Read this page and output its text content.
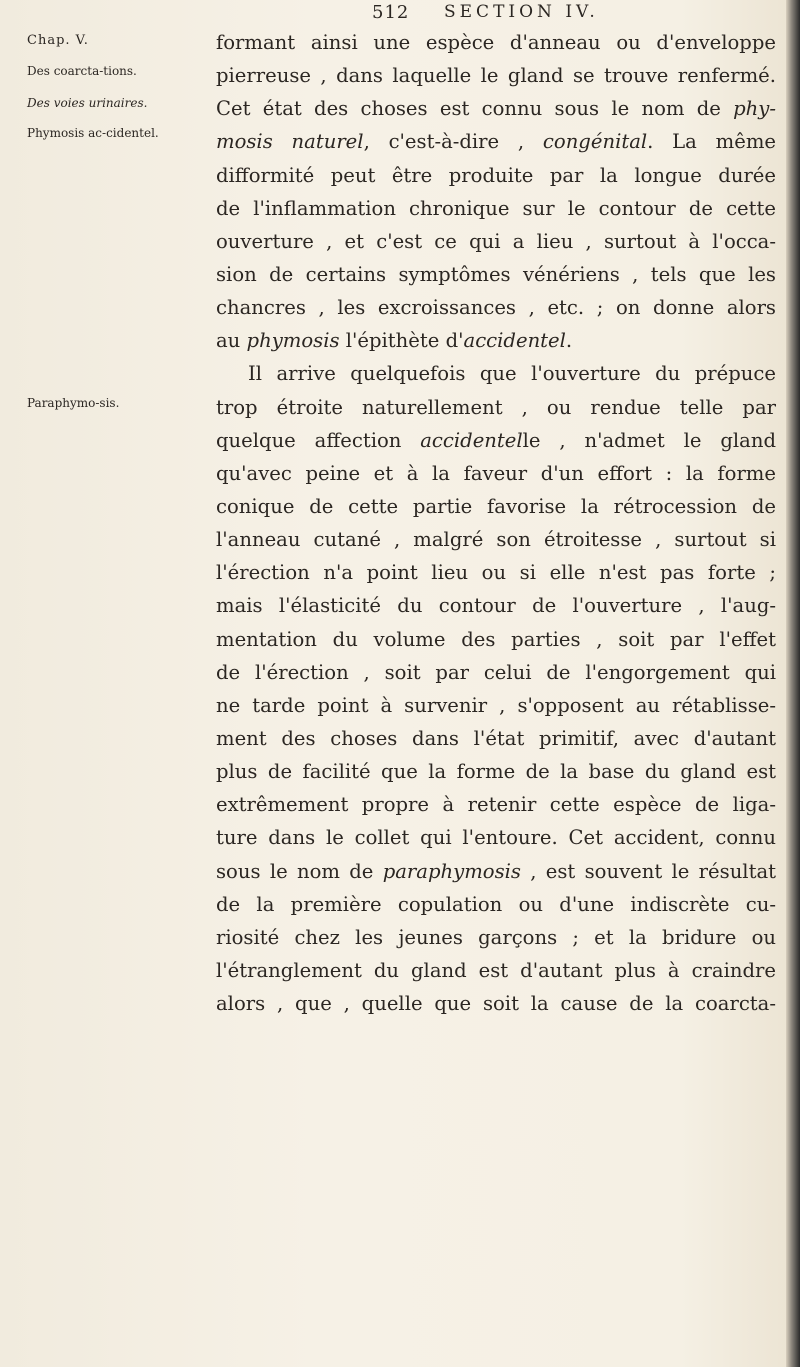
512 SECTION IV.
Chap. V.
Des coarcta-tions.
Des voies urinaires.
Phymosis ac-cidentel.
Paraphymo-sis.
formant ainsi une espèce d'anneau ou d'enveloppe
pierreuse , dans laquelle le gland se trouve renfermé.
Cet état des choses est connu sous le nom de phy-
mosis naturel, c'est-à-dire , congénital. La même
difformité peut être produite par la longue durée
de l'inflammation chronique sur le contour de cette
ouverture , et c'est ce qui a lieu , surtout à l'occa-
sion de certains symptômes vénériens , tels que les
chancres , les excroissances , etc. ; on donne alors
au phymosis l'épithète d'accidentel.
Il arrive quelquefois que l'ouverture du prépuce
trop étroite naturellement , ou rendue telle par
quelque affection accidentelle , n'admet le gland
qu'avec peine et à la faveur d'un effort : la forme
conique de cette partie favorise la rétrocession de
l'anneau cutané , malgré son étroitesse , surtout si
l'érection n'a point lieu ou si elle n'est pas forte ;
mais l'élasticité du contour de l'ouverture , l'aug-
mentation du volume des parties , soit par l'effet
de l'érection , soit par celui de l'engorgement qui
ne tarde point à survenir , s'opposent au rétablisse-
ment des choses dans l'état primitif, avec d'autant
plus de facilité que la forme de la base du gland est
extrêmement propre à retenir cette espèce de liga-
ture dans le collet qui l'entoure. Cet accident, connu
sous le nom de paraphymosis , est souvent le résultat
de la première copulation ou d'une indiscrète cu-
riosité chez les jeunes garçons ; et la bridure ou
l'étranglement du gland est d'autant plus à craindre
alors , que , quelle que soit la cause de la coarcta-
